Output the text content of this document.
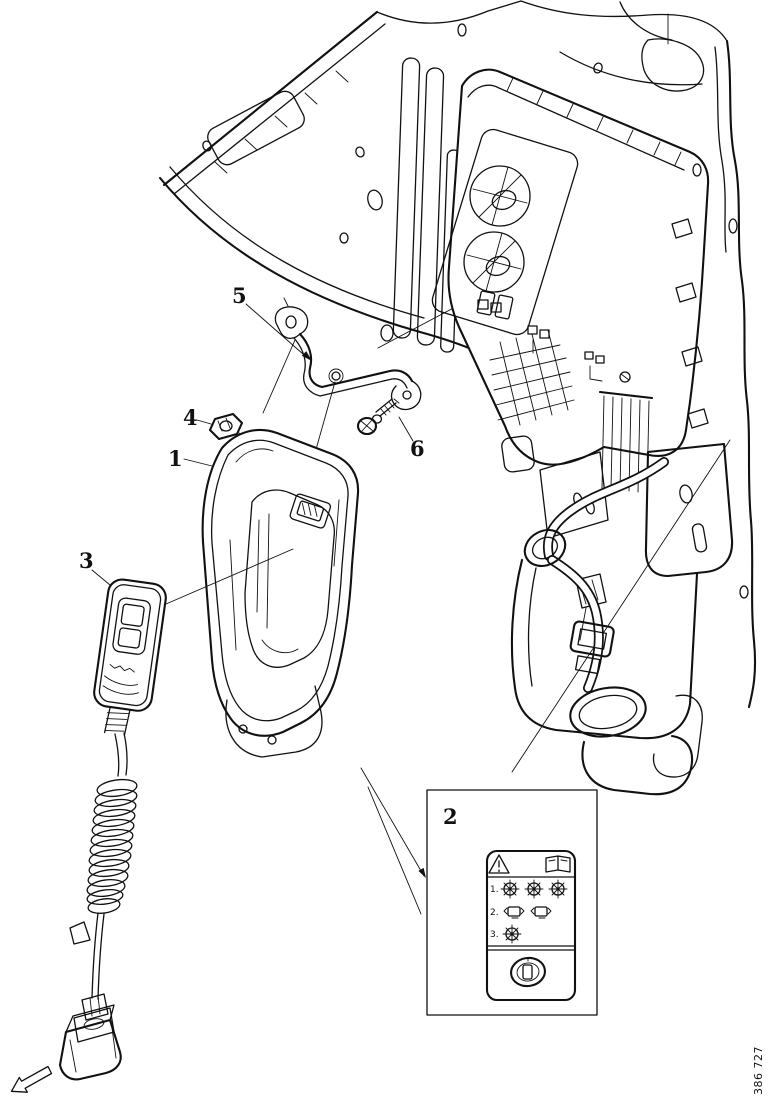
2
1.
2.
3.
1
3
4
5
6
386 727
